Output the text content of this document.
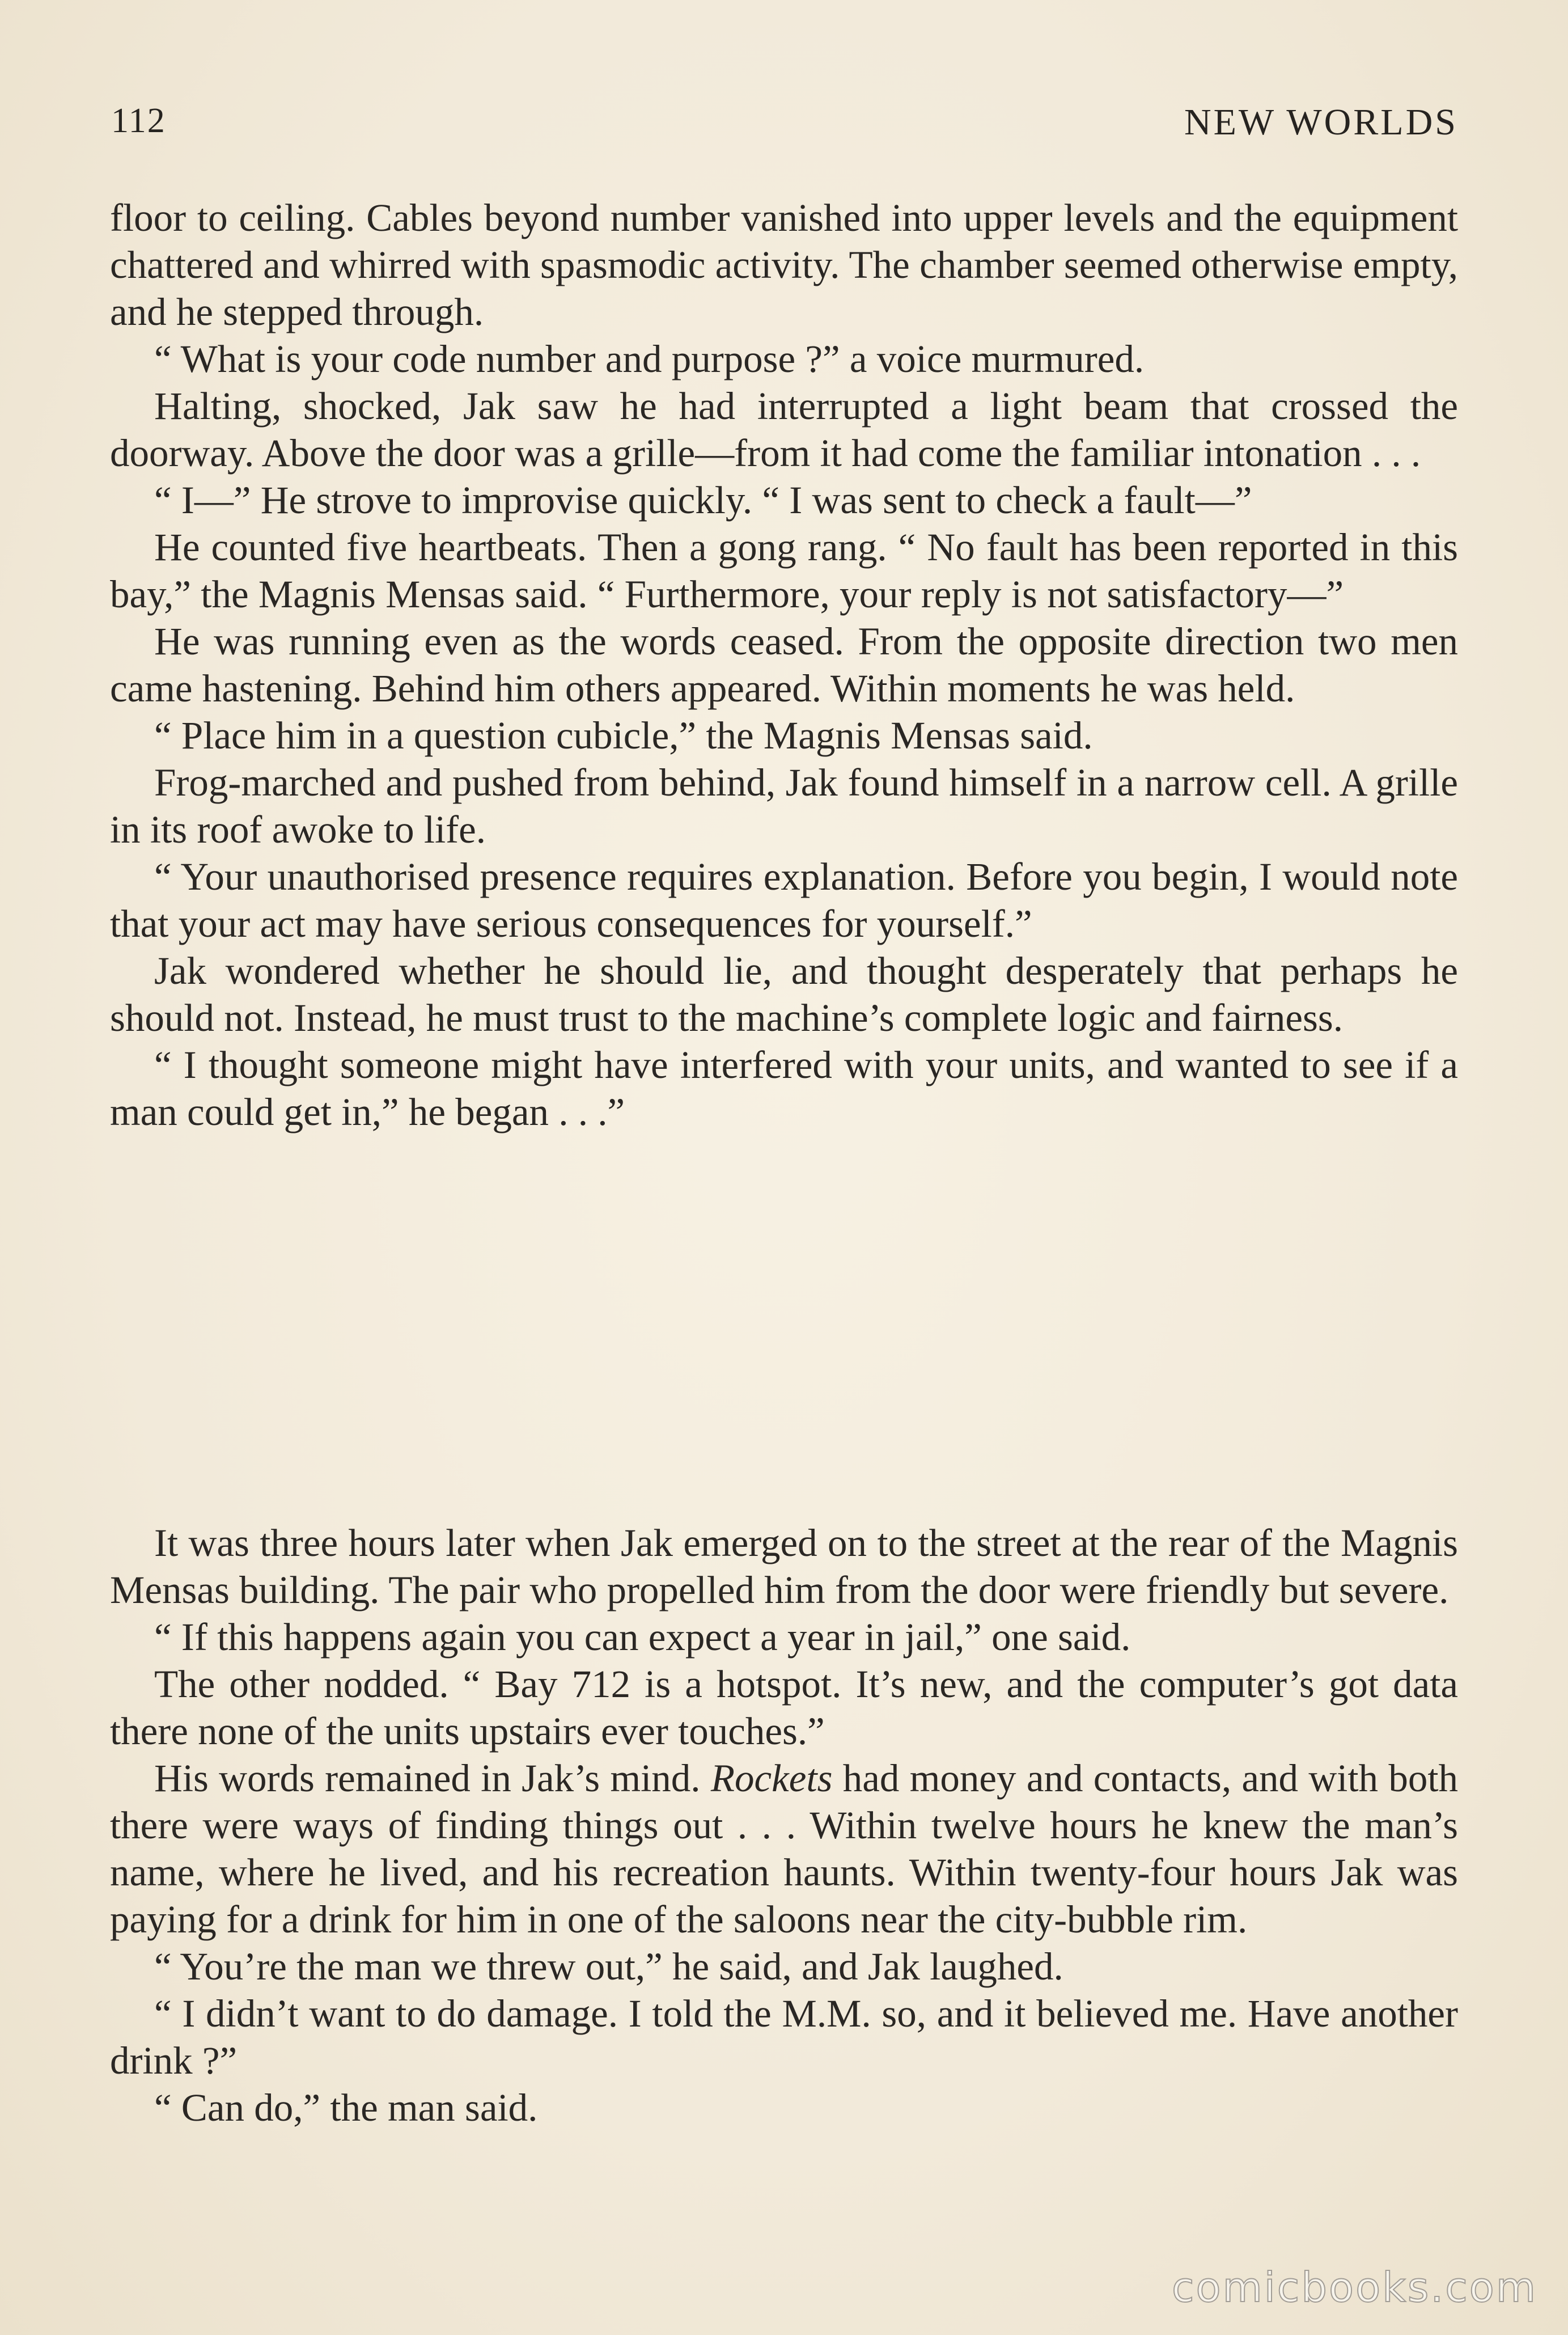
112	NEW WORLDS

floor to ceiling. Cables beyond number vanished into upper levels and the equipment chattered and whirred with spasmodic activity. The chamber seemed otherwise empty, and he stepped through.

“ What is your code number and purpose ?” a voice murmured.

Halting, shocked, Jak saw he had interrupted a light beam that crossed the doorway. Above the door was a grille—from it had come the familiar intonation . . .

“ I—” He strove to improvise quickly. “ I was sent to check a fault—”

He counted five heartbeats. Then a gong rang. “ No fault has been reported in this bay,” the Magnis Mensas said. “ Furthermore, your reply is not satisfactory—”

He was running even as the words ceased. From the opposite direction two men came hastening. Behind him others appeared. Within moments he was held.

“ Place him in a question cubicle,” the Magnis Mensas said.

Frog-marched and pushed from behind, Jak found himself in a narrow cell. A grille in its roof awoke to life.

“ Your unauthorised presence requires explanation. Before you begin, I would note that your act may have serious consequences for yourself.”

Jak wondered whether he should lie, and thought desperately that perhaps he should not. Instead, he must trust to the machine’s complete logic and fairness.

“ I thought someone might have interfered with your units, and wanted to see if a man could get in,” he began . . .”

It was three hours later when Jak emerged on to the street at the rear of the Magnis Mensas building. The pair who propelled him from the door were friendly but severe.

“ If this happens again you can expect a year in jail,” one said.

The other nodded. “ Bay 712 is a hotspot. It’s new, and the computer’s got data there none of the units upstairs ever touches.”

His words remained in Jak’s mind. Rockets had money and contacts, and with both there were ways of finding things out . . . Within twelve hours he knew the man’s name, where he lived, and his recreation haunts. Within twenty-four hours Jak was paying for a drink for him in one of the saloons near the city-bubble rim.

“ You’re the man we threw out,” he said, and Jak laughed.

“ I didn’t want to do damage. I told the M.M. so, and it believed me. Have another drink ?”

“ Can do,” the man said.

comicbooks.com
